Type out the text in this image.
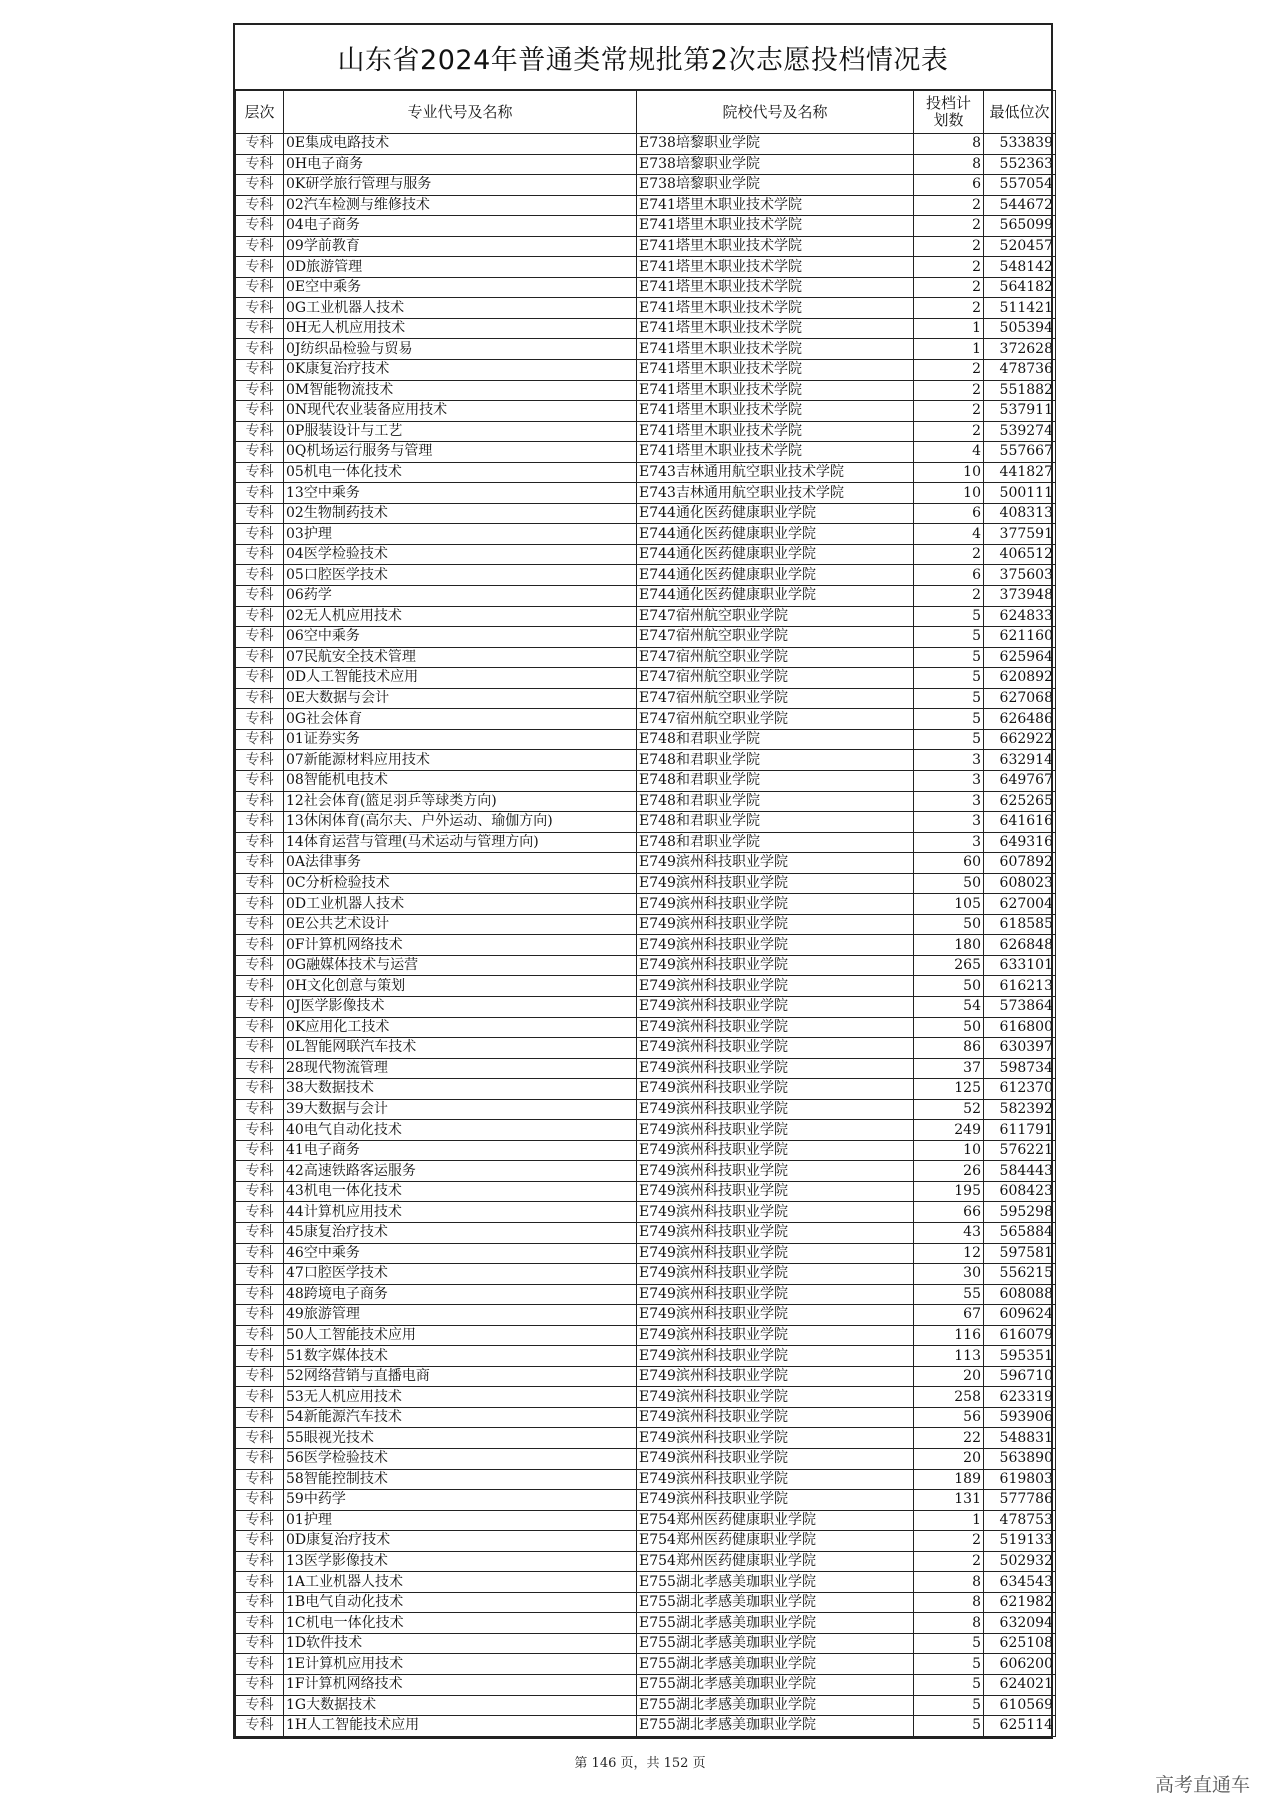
山东省2024年普通类常规批第2次志愿投档情况表
层次	专业代号及名称	院校代号及名称	投档计划数	最低位次
专科	0E集成电路技术	E738培黎职业学院	8	533839
专科	0H电子商务	E738培黎职业学院	8	552363
专科	0K研学旅行管理与服务	E738培黎职业学院	6	557054
专科	02汽车检测与维修技术	E741塔里木职业技术学院	2	544672
专科	04电子商务	E741塔里木职业技术学院	2	565099
专科	09学前教育	E741塔里木职业技术学院	2	520457
专科	0D旅游管理	E741塔里木职业技术学院	2	548142
专科	0E空中乘务	E741塔里木职业技术学院	2	564182
专科	0G工业机器人技术	E741塔里木职业技术学院	2	511421
专科	0H无人机应用技术	E741塔里木职业技术学院	1	505394
专科	0J纺织品检验与贸易	E741塔里木职业技术学院	1	372628
专科	0K康复治疗技术	E741塔里木职业技术学院	2	478736
专科	0M智能物流技术	E741塔里木职业技术学院	2	551882
专科	0N现代农业装备应用技术	E741塔里木职业技术学院	2	537911
专科	0P服装设计与工艺	E741塔里木职业技术学院	2	539274
专科	0Q机场运行服务与管理	E741塔里木职业技术学院	4	557667
专科	05机电一体化技术	E743吉林通用航空职业技术学院	10	441827
专科	13空中乘务	E743吉林通用航空职业技术学院	10	500111
专科	02生物制药技术	E744通化医药健康职业学院	6	408313
专科	03护理	E744通化医药健康职业学院	4	377591
专科	04医学检验技术	E744通化医药健康职业学院	2	406512
专科	05口腔医学技术	E744通化医药健康职业学院	6	375603
专科	06药学	E744通化医药健康职业学院	2	373948
专科	02无人机应用技术	E747宿州航空职业学院	5	624833
专科	06空中乘务	E747宿州航空职业学院	5	621160
专科	07民航安全技术管理	E747宿州航空职业学院	5	625964
专科	0D人工智能技术应用	E747宿州航空职业学院	5	620892
专科	0E大数据与会计	E747宿州航空职业学院	5	627068
专科	0G社会体育	E747宿州航空职业学院	5	626486
专科	01证券实务	E748和君职业学院	5	662922
专科	07新能源材料应用技术	E748和君职业学院	3	632914
专科	08智能机电技术	E748和君职业学院	3	649767
专科	12社会体育(篮足羽乒等球类方向)	E748和君职业学院	3	625265
专科	13休闲体育(高尔夫、户外运动、瑜伽方向)	E748和君职业学院	3	641616
专科	14体育运营与管理(马术运动与管理方向)	E748和君职业学院	3	649316
专科	0A法律事务	E749滨州科技职业学院	60	607892
专科	0C分析检验技术	E749滨州科技职业学院	50	608023
专科	0D工业机器人技术	E749滨州科技职业学院	105	627004
专科	0E公共艺术设计	E749滨州科技职业学院	50	618585
专科	0F计算机网络技术	E749滨州科技职业学院	180	626848
专科	0G融媒体技术与运营	E749滨州科技职业学院	265	633101
专科	0H文化创意与策划	E749滨州科技职业学院	50	616213
专科	0J医学影像技术	E749滨州科技职业学院	54	573864
专科	0K应用化工技术	E749滨州科技职业学院	50	616800
专科	0L智能网联汽车技术	E749滨州科技职业学院	86	630397
专科	28现代物流管理	E749滨州科技职业学院	37	598734
专科	38大数据技术	E749滨州科技职业学院	125	612370
专科	39大数据与会计	E749滨州科技职业学院	52	582392
专科	40电气自动化技术	E749滨州科技职业学院	249	611791
专科	41电子商务	E749滨州科技职业学院	10	576221
专科	42高速铁路客运服务	E749滨州科技职业学院	26	584443
专科	43机电一体化技术	E749滨州科技职业学院	195	608423
专科	44计算机应用技术	E749滨州科技职业学院	66	595298
专科	45康复治疗技术	E749滨州科技职业学院	43	565884
专科	46空中乘务	E749滨州科技职业学院	12	597581
专科	47口腔医学技术	E749滨州科技职业学院	30	556215
专科	48跨境电子商务	E749滨州科技职业学院	55	608088
专科	49旅游管理	E749滨州科技职业学院	67	609624
专科	50人工智能技术应用	E749滨州科技职业学院	116	616079
专科	51数字媒体技术	E749滨州科技职业学院	113	595351
专科	52网络营销与直播电商	E749滨州科技职业学院	20	596710
专科	53无人机应用技术	E749滨州科技职业学院	258	623319
专科	54新能源汽车技术	E749滨州科技职业学院	56	593906
专科	55眼视光技术	E749滨州科技职业学院	22	548831
专科	56医学检验技术	E749滨州科技职业学院	20	563890
专科	58智能控制技术	E749滨州科技职业学院	189	619803
专科	59中药学	E749滨州科技职业学院	131	577786
专科	01护理	E754郑州医药健康职业学院	1	478753
专科	0D康复治疗技术	E754郑州医药健康职业学院	2	519133
专科	13医学影像技术	E754郑州医药健康职业学院	2	502932
专科	1A工业机器人技术	E755湖北孝感美珈职业学院	8	634543
专科	1B电气自动化技术	E755湖北孝感美珈职业学院	8	621982
专科	1C机电一体化技术	E755湖北孝感美珈职业学院	8	632094
专科	1D软件技术	E755湖北孝感美珈职业学院	5	625108
专科	1E计算机应用技术	E755湖北孝感美珈职业学院	5	606200
专科	1F计算机网络技术	E755湖北孝感美珈职业学院	5	624021
专科	1G大数据技术	E755湖北孝感美珈职业学院	5	610569
专科	1H人工智能技术应用	E755湖北孝感美珈职业学院	5	625114
第 146 页，共 152 页
高考直通车
